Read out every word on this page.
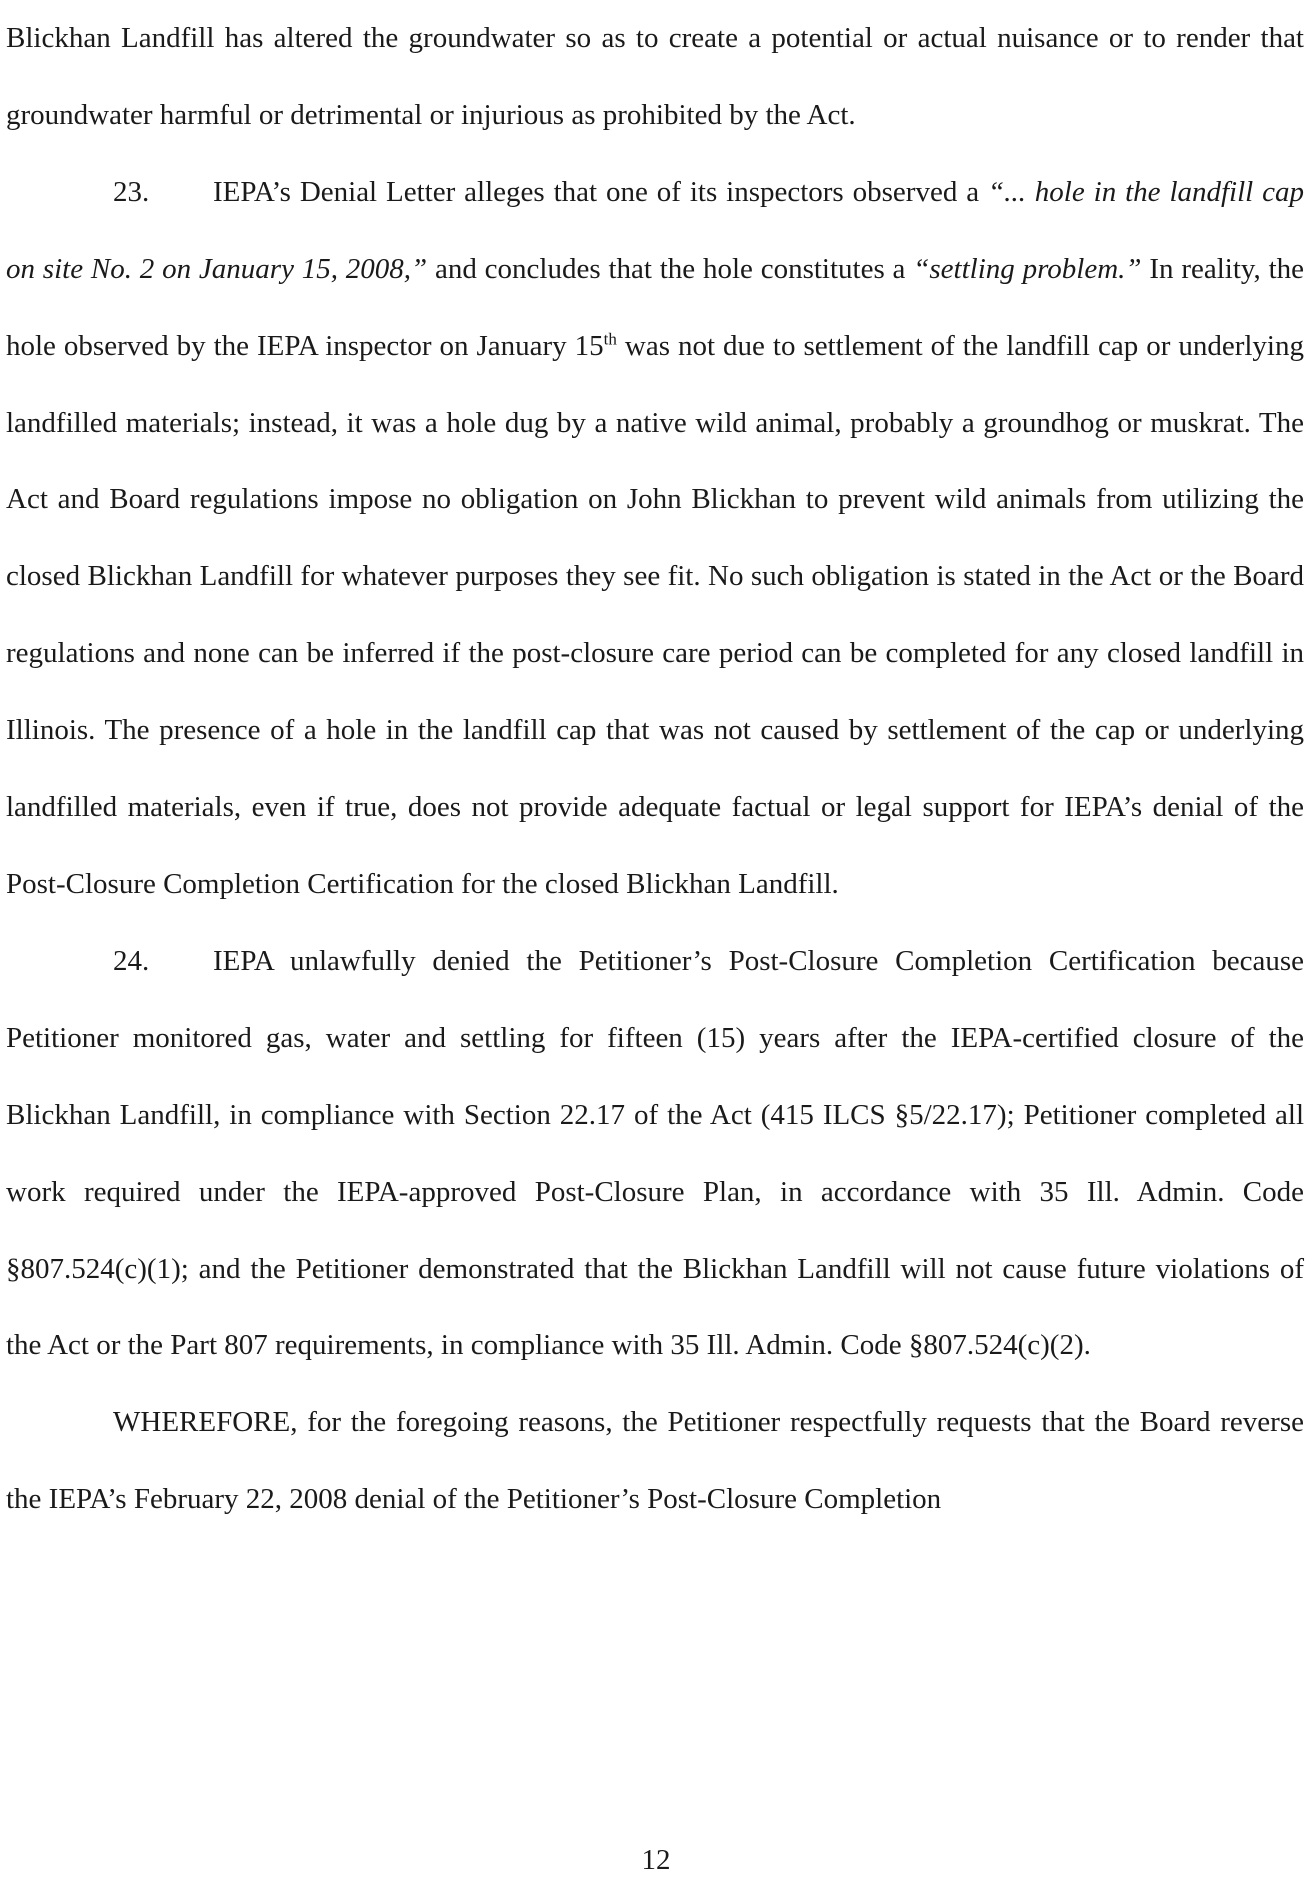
Blickhan Landfill has altered the groundwater so as to create a potential or actual nuisance or to render that groundwater harmful or detrimental or injurious as prohibited by the Act.

23. IEPA’s Denial Letter alleges that one of its inspectors observed a “... hole in the landfill cap on site No. 2 on January 15, 2008,” and concludes that the hole constitutes a “settling problem.” In reality, the hole observed by the IEPA inspector on January 15th was not due to settlement of the landfill cap or underlying landfilled materials; instead, it was a hole dug by a native wild animal, probably a groundhog or muskrat. The Act and Board regulations impose no obligation on John Blickhan to prevent wild animals from utilizing the closed Blickhan Landfill for whatever purposes they see fit. No such obligation is stated in the Act or the Board regulations and none can be inferred if the post-closure care period can be completed for any closed landfill in Illinois. The presence of a hole in the landfill cap that was not caused by settlement of the cap or underlying landfilled materials, even if true, does not provide adequate factual or legal support for IEPA’s denial of the Post-Closure Completion Certification for the closed Blickhan Landfill.

24. IEPA unlawfully denied the Petitioner’s Post-Closure Completion Certification because Petitioner monitored gas, water and settling for fifteen (15) years after the IEPA-certified closure of the Blickhan Landfill, in compliance with Section 22.17 of the Act (415 ILCS §5/22.17); Petitioner completed all work required under the IEPA-approved Post-Closure Plan, in accordance with 35 Ill. Admin. Code §807.524(c)(1); and the Petitioner demonstrated that the Blickhan Landfill will not cause future violations of the Act or the Part 807 requirements, in compliance with 35 Ill. Admin. Code §807.524(c)(2).

WHEREFORE, for the foregoing reasons, the Petitioner respectfully requests that the Board reverse the IEPA’s February 22, 2008 denial of the Petitioner’s Post-Closure Completion

12
